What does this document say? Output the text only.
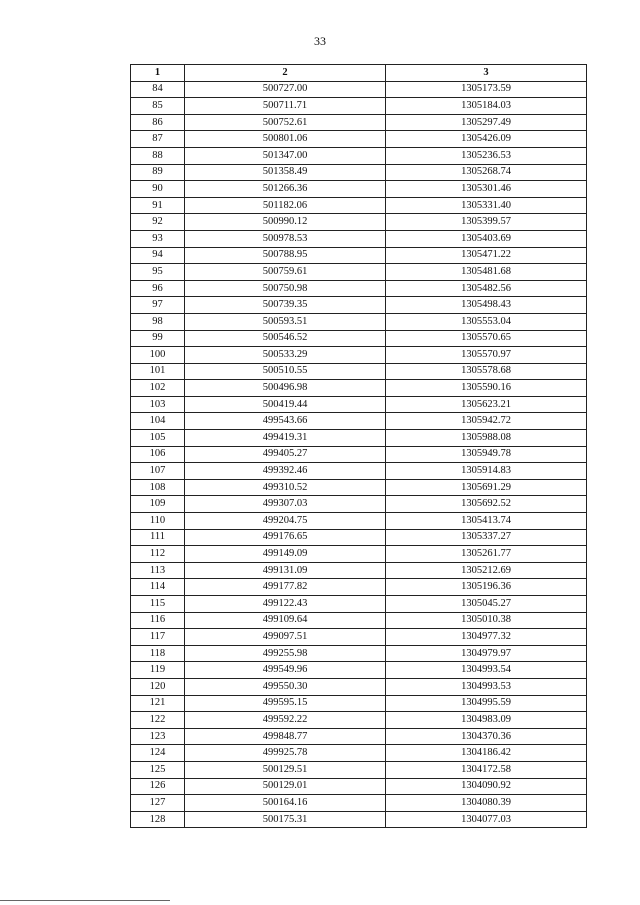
33
1	2	3
84	500727.00	1305173.59
85	500711.71	1305184.03
86	500752.61	1305297.49
87	500801.06	1305426.09
88	501347.00	1305236.53
89	501358.49	1305268.74
90	501266.36	1305301.46
91	501182.06	1305331.40
92	500990.12	1305399.57
93	500978.53	1305403.69
94	500788.95	1305471.22
95	500759.61	1305481.68
96	500750.98	1305482.56
97	500739.35	1305498.43
98	500593.51	1305553.04
99	500546.52	1305570.65
100	500533.29	1305570.97
101	500510.55	1305578.68
102	500496.98	1305590.16
103	500419.44	1305623.21
104	499543.66	1305942.72
105	499419.31	1305988.08
106	499405.27	1305949.78
107	499392.46	1305914.83
108	499310.52	1305691.29
109	499307.03	1305692.52
110	499204.75	1305413.74
111	499176.65	1305337.27
112	499149.09	1305261.77
113	499131.09	1305212.69
114	499177.82	1305196.36
115	499122.43	1305045.27
116	499109.64	1305010.38
117	499097.51	1304977.32
118	499255.98	1304979.97
119	499549.96	1304993.54
120	499550.30	1304993.53
121	499595.15	1304995.59
122	499592.22	1304983.09
123	499848.77	1304370.36
124	499925.78	1304186.42
125	500129.51	1304172.58
126	500129.01	1304090.92
127	500164.16	1304080.39
128	500175.31	1304077.03
